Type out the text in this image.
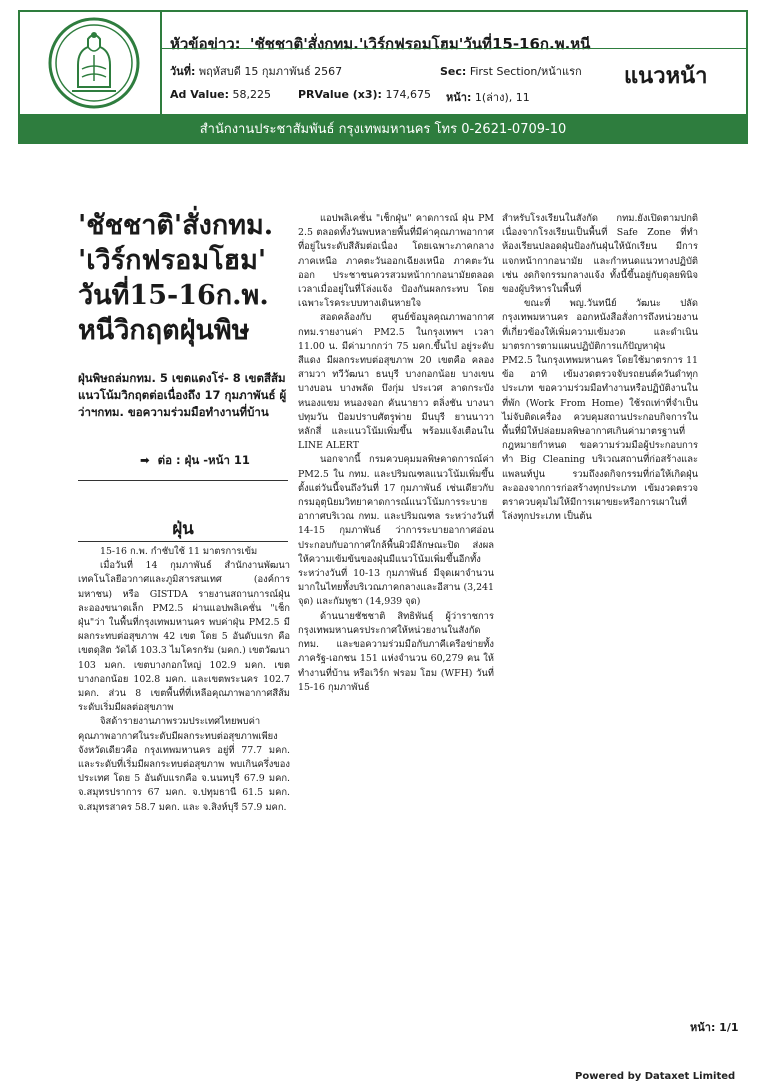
หัวข้อข่าว: 'ชัชชาติ'สั่งกทม.'เวิร์กฟรอมโฮม'วันที่15-16ก.พ.หนี
วันที่: พฤหัสบดี 15 กุมภาพันธ์ 2567	Sec: First Section/หน้าแรก
Ad Value: 58,225 PRValue (x3): 174,675 หน้า: 1(ล่าง), 11
แนวหน้า
สำนักงานประชาสัมพันธ์ กรุงเทพมหานคร โทร 0-2621-0709-10
'ชัชชาติ'สั่งกทม.
'เวิร์กฟรอมโฮม'
วันที่15-16ก.พ.
หนีวิกฤตฝุ่นพิษ
ฝุ่นพิษถล่มกทม. 5 เขตแดงโร่- 8 เขตสีส้ม แนวโน้มวิกฤตต่อเนื่องถึง 17 กุมภาพันธ์ ผู้ว่าฯกทม. ขอความร่วมมือทำงานที่บ้าน
➡ ต่อ : ฝุ่น -หน้า 11
ฝุ่น

15-16 ก.พ. กำชับใช้ 11 มาตรการเข้ม

เมื่อวันที่ 14 กุมภาพันธ์ สำนักงานพัฒนาเทคโนโลยีอวกาศและภูมิสารสนเทศ (องค์การมหาชน) หรือ GISTDA รายงานสถานการณ์ฝุ่นละอองขนาดเล็ก PM2.5 ผ่านแอปพลิเคชั่น "เช็กฝุ่น"ว่า ในพื้นที่กรุงเทพมหานคร พบค่าฝุ่น PM2.5 มีผลกระทบต่อสุขภาพ 42 เขต โดย 5 อันดับแรก คือ เขตดุสิต วัดได้ 103.3 ไมโครกรัม (มคก.) เขตวัฒนา 103 มคก. เขตบางกอกใหญ่ 102.9 มคก. เขตบางกอกน้อย 102.8 มคก. และเขตพระนคร 102.7 มคก. ส่วน 8 เขตพื้นที่ที่เหลือคุณภาพอากาศสีส้ม ระดับเริ่มมีผลต่อสุขภาพ

จิสด้ารายงานภาพรวมประเทศไทยพบค่าคุณภาพอากาศในระดับมีผลกระทบต่อสุขภาพเพียงจังหวัดเดียวคือ กรุงเทพมหานคร อยู่ที่ 77.7 มคก. และระดับที่เริ่มมีผลกระทบต่อสุขภาพ พบเกินครึ่งของประเทศ โดย 5 อันดับแรกคือ จ.นนทบุรี 67.9 มคก. จ.สมุทรปราการ 67 มคก. จ.ปทุมธานี 61.5 มคก. จ.สมุทรสาคร 58.7 มคก. และ จ.สิงห์บุรี 57.9 มคก.

แอปพลิเคชั่น "เช็กฝุ่น" คาดการณ์ ฝุ่น PM 2.5 ตลอดทั้งวันพบหลายพื้นที่มีค่าคุณภาพอากาศที่อยู่ในระดับสีส้มต่อเนื่อง โดยเฉพาะภาคกลาง ภาคเหนือ ภาคตะวันออกเฉียงเหนือ ภาคตะวันออก ประชาชนควรสวมหน้ากากอนามัยตลอดเวลาเมื่ออยู่ในที่โล่งแจ้ง ป้องกันผลกระทบ โดยเฉพาะโรคระบบทางเดินหายใจ

สอดคล้องกับ ศูนย์ข้อมูลคุณภาพอากาศ กทม.รายงานค่า PM2.5 ในกรุงเทพฯ เวลา 11.00 น. มีค่ามากกว่า 75 มคก.ขึ้นไป อยู่ระดับสีแดง มีผลกระทบต่อสุขภาพ 20 เขตคือ คลองสามวา ทวีวัฒนา ธนบุรี บางกอกน้อย บางเขน บางบอน บางพลัด บึงกุ่ม ประเวศ ลาดกระบัง หนองแขม หนองจอก คันนายาว ตลิ่งชัน บางนา ปทุมวัน ป้อมปราบศัตรูพ่าย มีนบุรี ยานนาวา หลักสี่ และแนวโน้มเพิ่มขึ้น พร้อมแจ้งเตือนใน LINE ALERT

นอกจากนี้ กรมควบคุมมลพิษคาดการณ์ค่า PM2.5 ใน กทม. และปริมณฑลแนวโน้มเพิ่มขึ้นตั้งแต่วันนี้จนถึงวันที่ 17 กุมภาพันธ์ เช่นเดียวกับ กรมอุตุนิยมวิทยาคาดการณ์แนวโน้มการระบายอากาศบริเวณ กทม. และปริมณฑล ระหว่างวันที่ 14-15 กุมภาพันธ์ ว่าการระบายอากาศอ่อน ประกอบกับอากาศใกล้พื้นผิวมีลักษณะปิด ส่งผลให้ความเข้มข้นของฝุ่นมีแนวโน้มเพิ่มขึ้นอีกทั้ง ระหว่างวันที่ 10-13 กุมภาพันธ์ มีจุดเผาจำนวนมากในไทยทั้งบริเวณภาคกลางและอีสาน (3,241 จุด) และกัมพูชา (14,939 จุด)

ด้านนายชัชชาติ สิทธิพันธุ์ ผู้ว่าราชการกรุงเทพมหานครประกาศให้หน่วยงานในสังกัด กทม. และขอความร่วมมือกับภาคีเครือข่ายทั้งภาครัฐ-เอกชน 151 แห่งจำนวน 60,279 คน ให้ทำงานที่บ้าน หรือเวิร์ก ฟรอม โฮม (WFH) วันที่ 15-16 กุมภาพันธ์

สำหรับโรงเรียนในสังกัด กทม.ยังเปิดตามปกติ เนื่องจากโรงเรียนเป็นพื้นที่ Safe Zone ที่ทำห้องเรียนปลอดฝุ่นป้องกันฝุ่นให้นักเรียน มีการแจกหน้ากากอนามัย และกำหนดแนวทางปฏิบัติ เช่น งดกิจกรรมกลางแจ้ง ทั้งนี้ขึ้นอยู่กับดุลยพินิจของผู้บริหารในพื้นที่

ขณะที่ พญ.วันทนีย์ วัฒนะ ปลัดกรุงเทพมหานคร ออกหนังสือสั่งการถึงหน่วยงานที่เกี่ยวข้องให้เพิ่มความเข้มงวด และดำเนินมาตรการตามแผนปฏิบัติการแก้ปัญหาฝุ่น PM2.5 ในกรุงเทพมหานคร โดยใช้มาตรการ 11 ข้อ อาทิ เข้มงวดตรวจจับรถยนต์ควันดำทุกประเภท ขอความร่วมมือทำงานหรือปฏิบัติงานในที่พัก (Work From Home) ใช้รถเท่าที่จำเป็น ไม่จับติดเครื่อง ควบคุมสถานประกอบกิจการในพื้นที่มิให้ปล่อยมลพิษอากาศเกินค่ามาตรฐานที่กฎหมายกำหนด ขอความร่วมมือผู้ประกอบการ ทำ Big Cleaning บริเวณสถานที่ก่อสร้างและแพลนท์ปูน รวมถึงงดกิจกรรมที่ก่อให้เกิดฝุ่นละอองจากการก่อสร้างทุกประเภท เข้มงวดตรวจตราควบคุมไม่ให้มีการเผาขยะหรือการเผาในที่โล่งทุกประเภท เป็นต้น

หน้า: 1/1
Powered by Dataxet Limited
